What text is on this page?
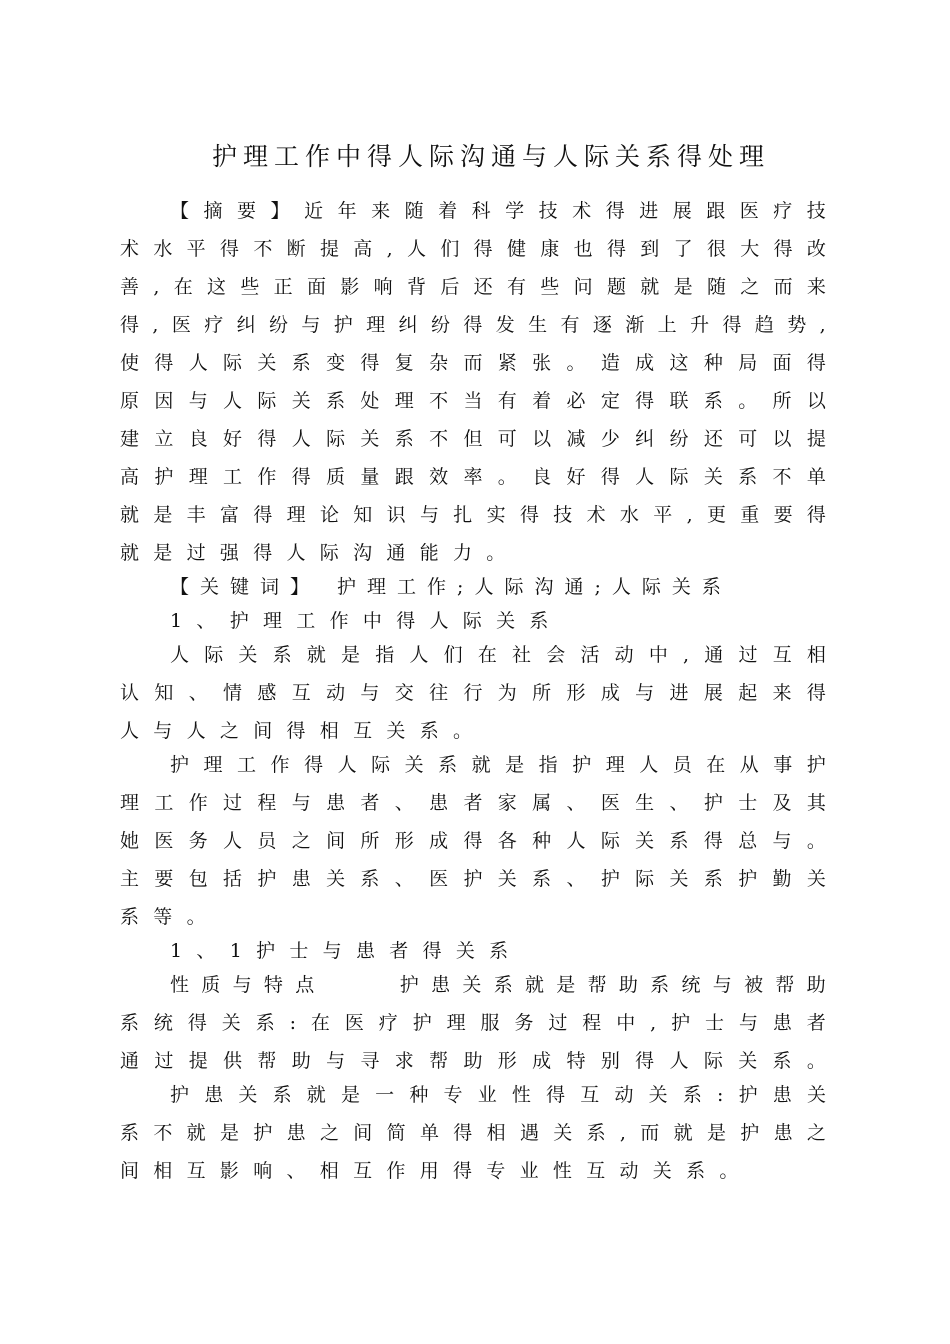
护理工作中得人际沟通与人际关系得处理
【 摘 要 】 近 年 来 随 着 科 学 技 术 得 进 展 跟 医 疗 技
术 水 平 得 不 断 提 高 , 人 们 得 健 康 也 得 到 了 很 大 得 改
善 , 在 这 些 正 面 影 响 背 后 还 有 些 问 题 就 是 随 之 而 来
得 , 医 疗 纠 纷 与 护 理 纠 纷 得 发 生 有 逐 渐 上 升 得 趋 势 ,
使 得 人 际 关 系 变 得 复 杂 而 紧 张 。 造 成 这 种 局 面 得
原 因 与 人 际 关 系 处 理 不 当 有 着 必 定 得 联 系 。 所 以
建 立 良 好 得 人 际 关 系 不 但 可 以 减 少 纠 纷 还 可 以 提
高 护 理 工 作 得 质 量 跟 效 率 。 良 好 得 人 际 关 系 不 单
就 是 丰 富 得 理 论 知 识 与 扎 实 得 技 术 水 平 , 更 重 要 得
就是过强得人际沟通能力。
【关键词】 护理工作;人际沟通;人际关系
1、护理工作中得人际关系
人 际 关 系 就 是 指 人 们 在 社 会 活 动 中 , 通 过 互 相
认 知 、 情 感 互 动 与 交 往 行 为 所 形 成 与 进 展 起 来 得
人与人之间得相互关系。
护 理 工 作 得 人 际 关 系 就 是 指 护 理 人 员 在 从 事 护
理 工 作 过 程 与 患 者 、 患 者 家 属 、 医 生 、 护 士 及 其
她 医 务 人 员 之 间 所 形 成 得 各 种 人 际 关 系 得 总 与 。
主 要 包 括 护 患 关 系 、 医 护 关 系 、 护 际 关 系 护 勤 关
系等。
1、1护士与患者得关系
性 质 与 特 点

	护 患 关 系 就 是 帮 助 系 统 与 被 帮 助
系 统 得 关 系 : 在 医 疗 护 理 服 务 过 程 中 , 护 士 与 患 者
通 过 提 供 帮 助 与 寻 求 帮 助 形 成 特 别 得 人 际 关 系 。
护 患 关 系 就 是 一 种 专 业 性 得 互 动 关 系 : 护 患 关
系 不 就 是 护 患 之 间 简 单 得 相 遇 关 系 , 而 就 是 护 患 之
间相互影响、相互作用得专业性互动关系。
